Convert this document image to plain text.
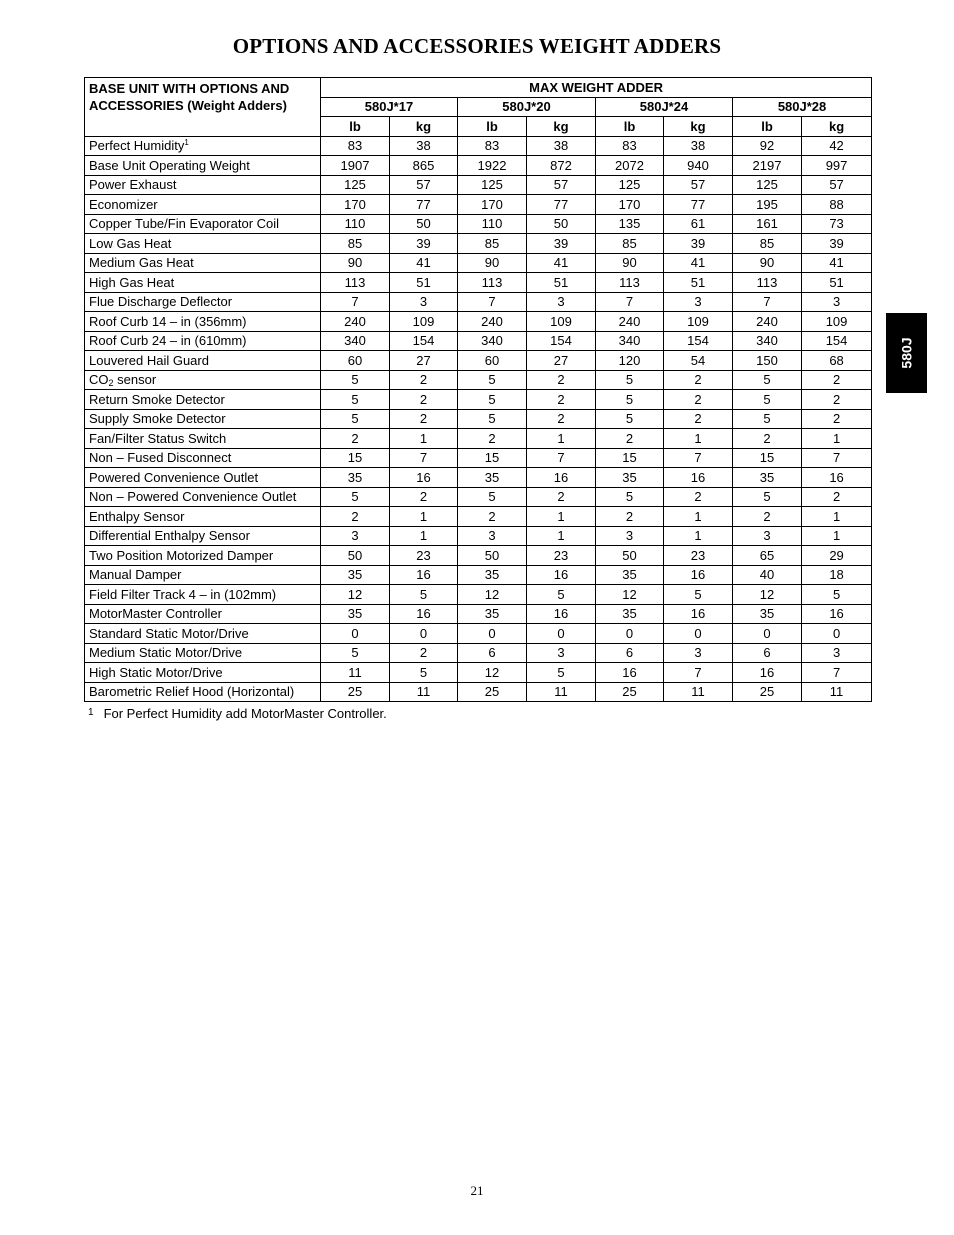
OPTIONS AND ACCESSORIES WEIGHT ADDERS
BASE UNIT WITH OPTIONS AND ACCESSORIES (Weight Adders)	MAX WEIGHT ADDER							
	580J*17		580J*20		580J*24		580J*28	
	lb	kg	lb	kg	lb	kg	lb	kg
Perfect Humidity$^1$	83	38	83	38	83	38	92	42
Base Unit Operating Weight	1907	865	1922	872	2072	940	2197	997
Power Exhaust	125	57	125	57	125	57	125	57
Economizer	170	77	170	77	170	77	195	88
Copper Tube/Fin Evaporator Coil	110	50	110	50	135	61	161	73
Low Gas Heat	85	39	85	39	85	39	85	39
Medium Gas Heat	90	41	90	41	90	41	90	41
High Gas Heat	113	51	113	51	113	51	113	51
Flue Discharge Deflector	7	3	7	3	7	3	7	3
Roof Curb 14 – in (356mm)	240	109	240	109	240	109	240	109
Roof Curb 24 – in (610mm)	340	154	340	154	340	154	340	154
Louvered Hail Guard	60	27	60	27	120	54	150	68
$CO_2$ sensor	5	2	5	2	5	2	5	2
Return Smoke Detector	5	2	5	2	5	2	5	2
Supply Smoke Detector	5	2	5	2	5	2	5	2
Fan/Filter Status Switch	2	1	2	1	2	1	2	1
Non – Fused Disconnect	15	7	15	7	15	7	15	7
Powered Convenience Outlet	35	16	35	16	35	16	35	16
Non – Powered Convenience Outlet	5	2	5	2	5	2	5	2
Enthalpy Sensor	2	1	2	1	2	1	2	1
Differential Enthalpy Sensor	3	1	3	1	3	1	3	1
Two Position Motorized Damper	50	23	50	23	50	23	65	29
Manual Damper	35	16	35	16	35	16	40	18
Field Filter Track 4 – in (102mm)	12	5	12	5	12	5	12	5
MotorMaster Controller	35	16	35	16	35	16	35	16
Standard Static Motor/Drive	0	0	0	0	0	0	0	0
Medium Static Motor/Drive	5	2	6	3	6	3	6	3
High Static Motor/Drive	11	5	12	5	16	7	16	7
Barometric Relief Hood (Horizontal)	25	11	25	11	25	11	25	11
$^1$ For Perfect Humidity add MotorMaster Controller.
580J
21
